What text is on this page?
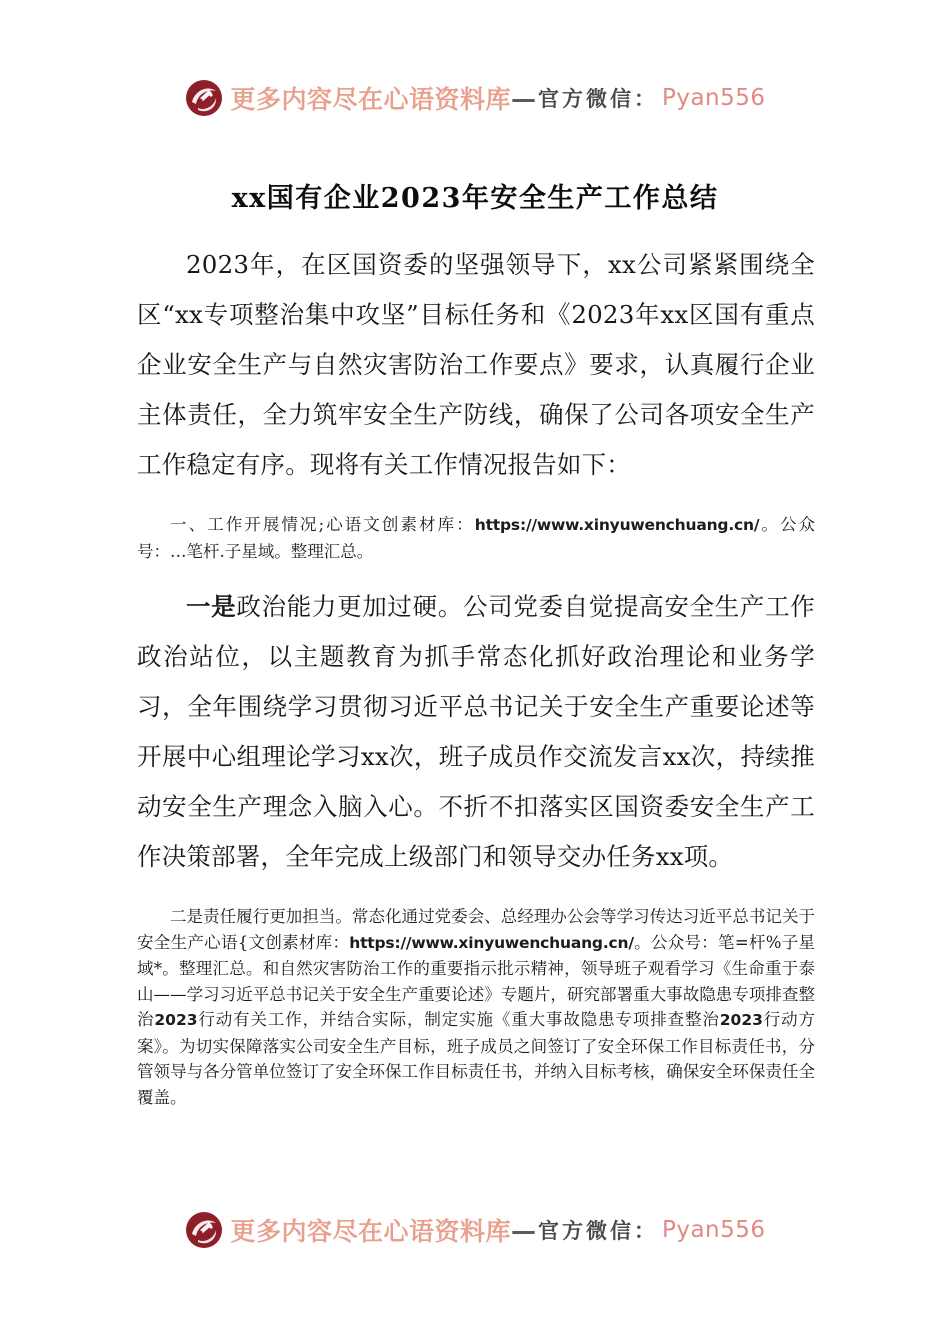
更多内容尽在心语资料库 — 官方微信： Pyan556
xx国有企业2023年安全生产工作总结

2023年，在区国资委的坚强领导下，xx公司紧紧围绕全区“xx专项整治集中攻坚”目标任务和《2023年xx区国有重点企业安全生产与自然灾害防治工作要点》要求，认真履行企业主体责任，全力筑牢安全生产防线，确保了公司各项安全生产工作稳定有序。现将有关工作情况报告如下：

一、工作开展情况;心语文创素材库：https://www.xinyuwenchuang.cn/。公众号：…笔杆.子星域。整理汇总。

一是政治能力更加过硬。公司党委自觉提高安全生产工作政治站位，以主题教育为抓手常态化抓好政治理论和业务学习，全年围绕学习贯彻习近平总书记关于安全生产重要论述等开展中心组理论学习xx次，班子成员作交流发言xx次，持续推动安全生产理念入脑入心。不折不扣落实区国资委安全生产工作决策部署，全年完成上级部门和领导交办任务xx项。

二是责任履行更加担当。常态化通过党委会、总经理办公会等学习传达习近平总书记关于安全生产心语{文创素材库：https://www.xinyuwenchuang.cn/。公众号：笔=杆%子星域*。整理汇总。和自然灾害防治工作的重要指示批示精神，领导班子观看学习《生命重于泰山——学习习近平总书记关于安全生产重要论述》专题片，研究部署重大事故隐患专项排查整治2023行动有关工作，并结合实际，制定实施《重大事故隐患专项排查整治2023行动方案》。为切实保障落实公司安全生产目标，班子成员之间签订了安全环保工作目标责任书，分管领导与各分管单位签订了安全环保工作目标责任书，并纳入目标考核，确保安全环保责任全覆盖。

更多内容尽在心语资料库 — 官方微信： Pyan556
